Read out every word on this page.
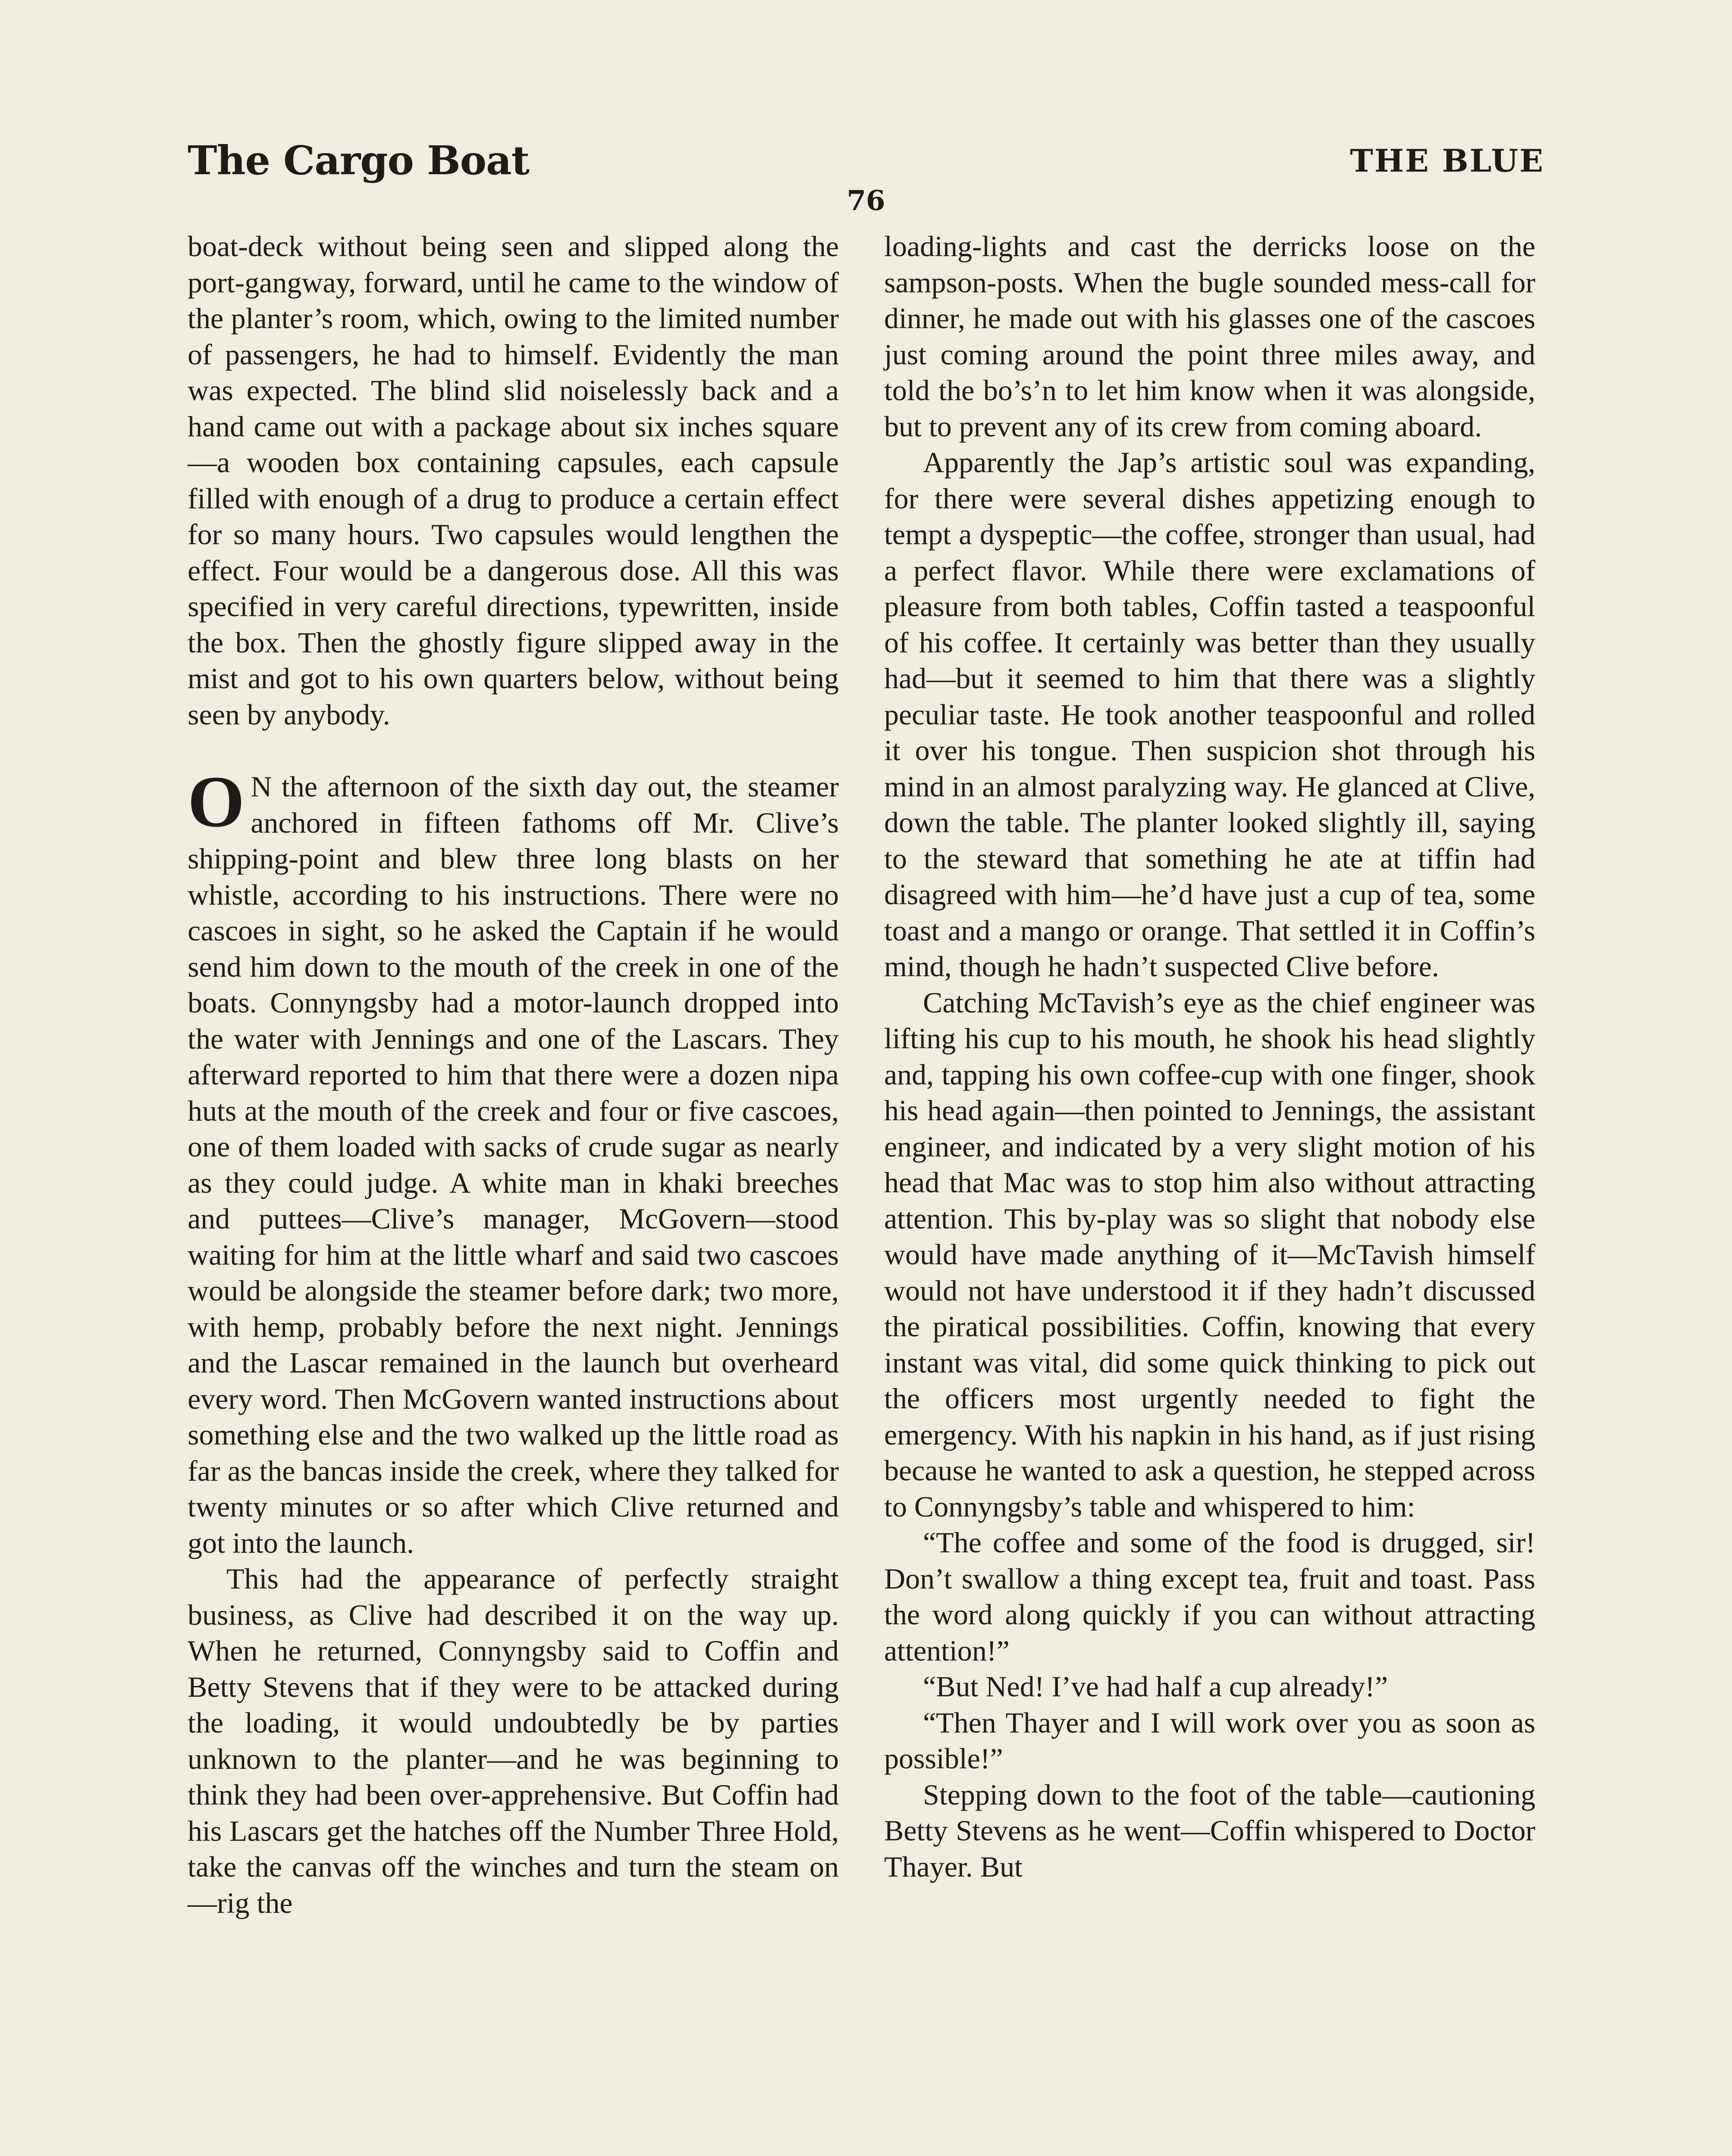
The Cargo Boat	THE BLUE
76

boat-deck without being seen and slipped along the port-gangway, forward, until he came to the window of the planter’s room, which, owing to the limited number of passengers, he had to himself. Evidently the man was expected. The blind slid noiselessly back and a hand came out with a package about six inches square—a wooden box containing capsules, each capsule filled with enough of a drug to produce a certain effect for so many hours. Two capsules would lengthen the effect. Four would be a dangerous dose. All this was specified in very careful directions, typewritten, inside the box. Then the ghostly figure slipped away in the mist and got to his own quarters below, without being seen by anybody.

O N the afternoon of the sixth day out, the steamer anchored in fifteen fathoms off Mr. Clive’s shipping-point and blew three long blasts on her whistle, according to his instructions. There were no cascoes in sight, so he asked the Captain if he would send him down to the mouth of the creek in one of the boats. Connyngsby had a motor-launch dropped into the water with Jennings and one of the Lascars. They afterward reported to him that there were a dozen nipa huts at the mouth of the creek and four or five cascoes, one of them loaded with sacks of crude sugar as nearly as they could judge. A white man in khaki breeches and puttees—Clive’s manager, McGovern—stood waiting for him at the little wharf and said two cascoes would be alongside the steamer before dark; two more, with hemp, probably before the next night. Jennings and the Lascar remained in the launch but overheard every word. Then McGovern wanted instructions about something else and the two walked up the little road as far as the bancas inside the creek, where they talked for twenty minutes or so after which Clive returned and got into the launch.

This had the appearance of perfectly straight business, as Clive had described it on the way up. When he returned, Connyngsby said to Coffin and Betty Stevens that if they were to be attacked during the loading, it would undoubtedly be by parties unknown to the planter—and he was beginning to think they had been over-apprehensive. But Coffin had his Lascars get the hatches off the Number Three Hold, take the canvas off the winches and turn the steam on—rig the

loading-lights and cast the derricks loose on the sampson-posts. When the bugle sounded mess-call for dinner, he made out with his glasses one of the cascoes just coming around the point three miles away, and told the bo’s’n to let him know when it was alongside, but to prevent any of its crew from coming aboard.

Apparently the Jap’s artistic soul was expanding, for there were several dishes appetizing enough to tempt a dyspeptic—the coffee, stronger than usual, had a perfect flavor. While there were exclamations of pleasure from both tables, Coffin tasted a teaspoonful of his coffee. It certainly was better than they usually had—but it seemed to him that there was a slightly peculiar taste. He took another teaspoonful and rolled it over his tongue. Then suspicion shot through his mind in an almost paralyzing way. He glanced at Clive, down the table. The planter looked slightly ill, saying to the steward that something he ate at tiffin had disagreed with him—he’d have just a cup of tea, some toast and a mango or orange. That settled it in Coffin’s mind, though he hadn’t suspected Clive before.

Catching McTavish’s eye as the chief engineer was lifting his cup to his mouth, he shook his head slightly and, tapping his own coffee-cup with one finger, shook his head again—then pointed to Jennings, the assistant engineer, and indicated by a very slight motion of his head that Mac was to stop him also without attracting attention. This by-play was so slight that nobody else would have made anything of it—McTavish himself would not have understood it if they hadn’t discussed the piratical possibilities. Coffin, knowing that every instant was vital, did some quick thinking to pick out the officers most urgently needed to fight the emergency. With his napkin in his hand, as if just rising because he wanted to ask a question, he stepped across to Connyngsby’s table and whispered to him:

“The coffee and some of the food is drugged, sir! Don’t swallow a thing except tea, fruit and toast. Pass the word along quickly if you can without attracting attention!”

“But Ned! I’ve had half a cup already!”

“Then Thayer and I will work over you as soon as possible!”

Stepping down to the foot of the table—cautioning Betty Stevens as he went—Coffin whispered to Doctor Thayer. But
